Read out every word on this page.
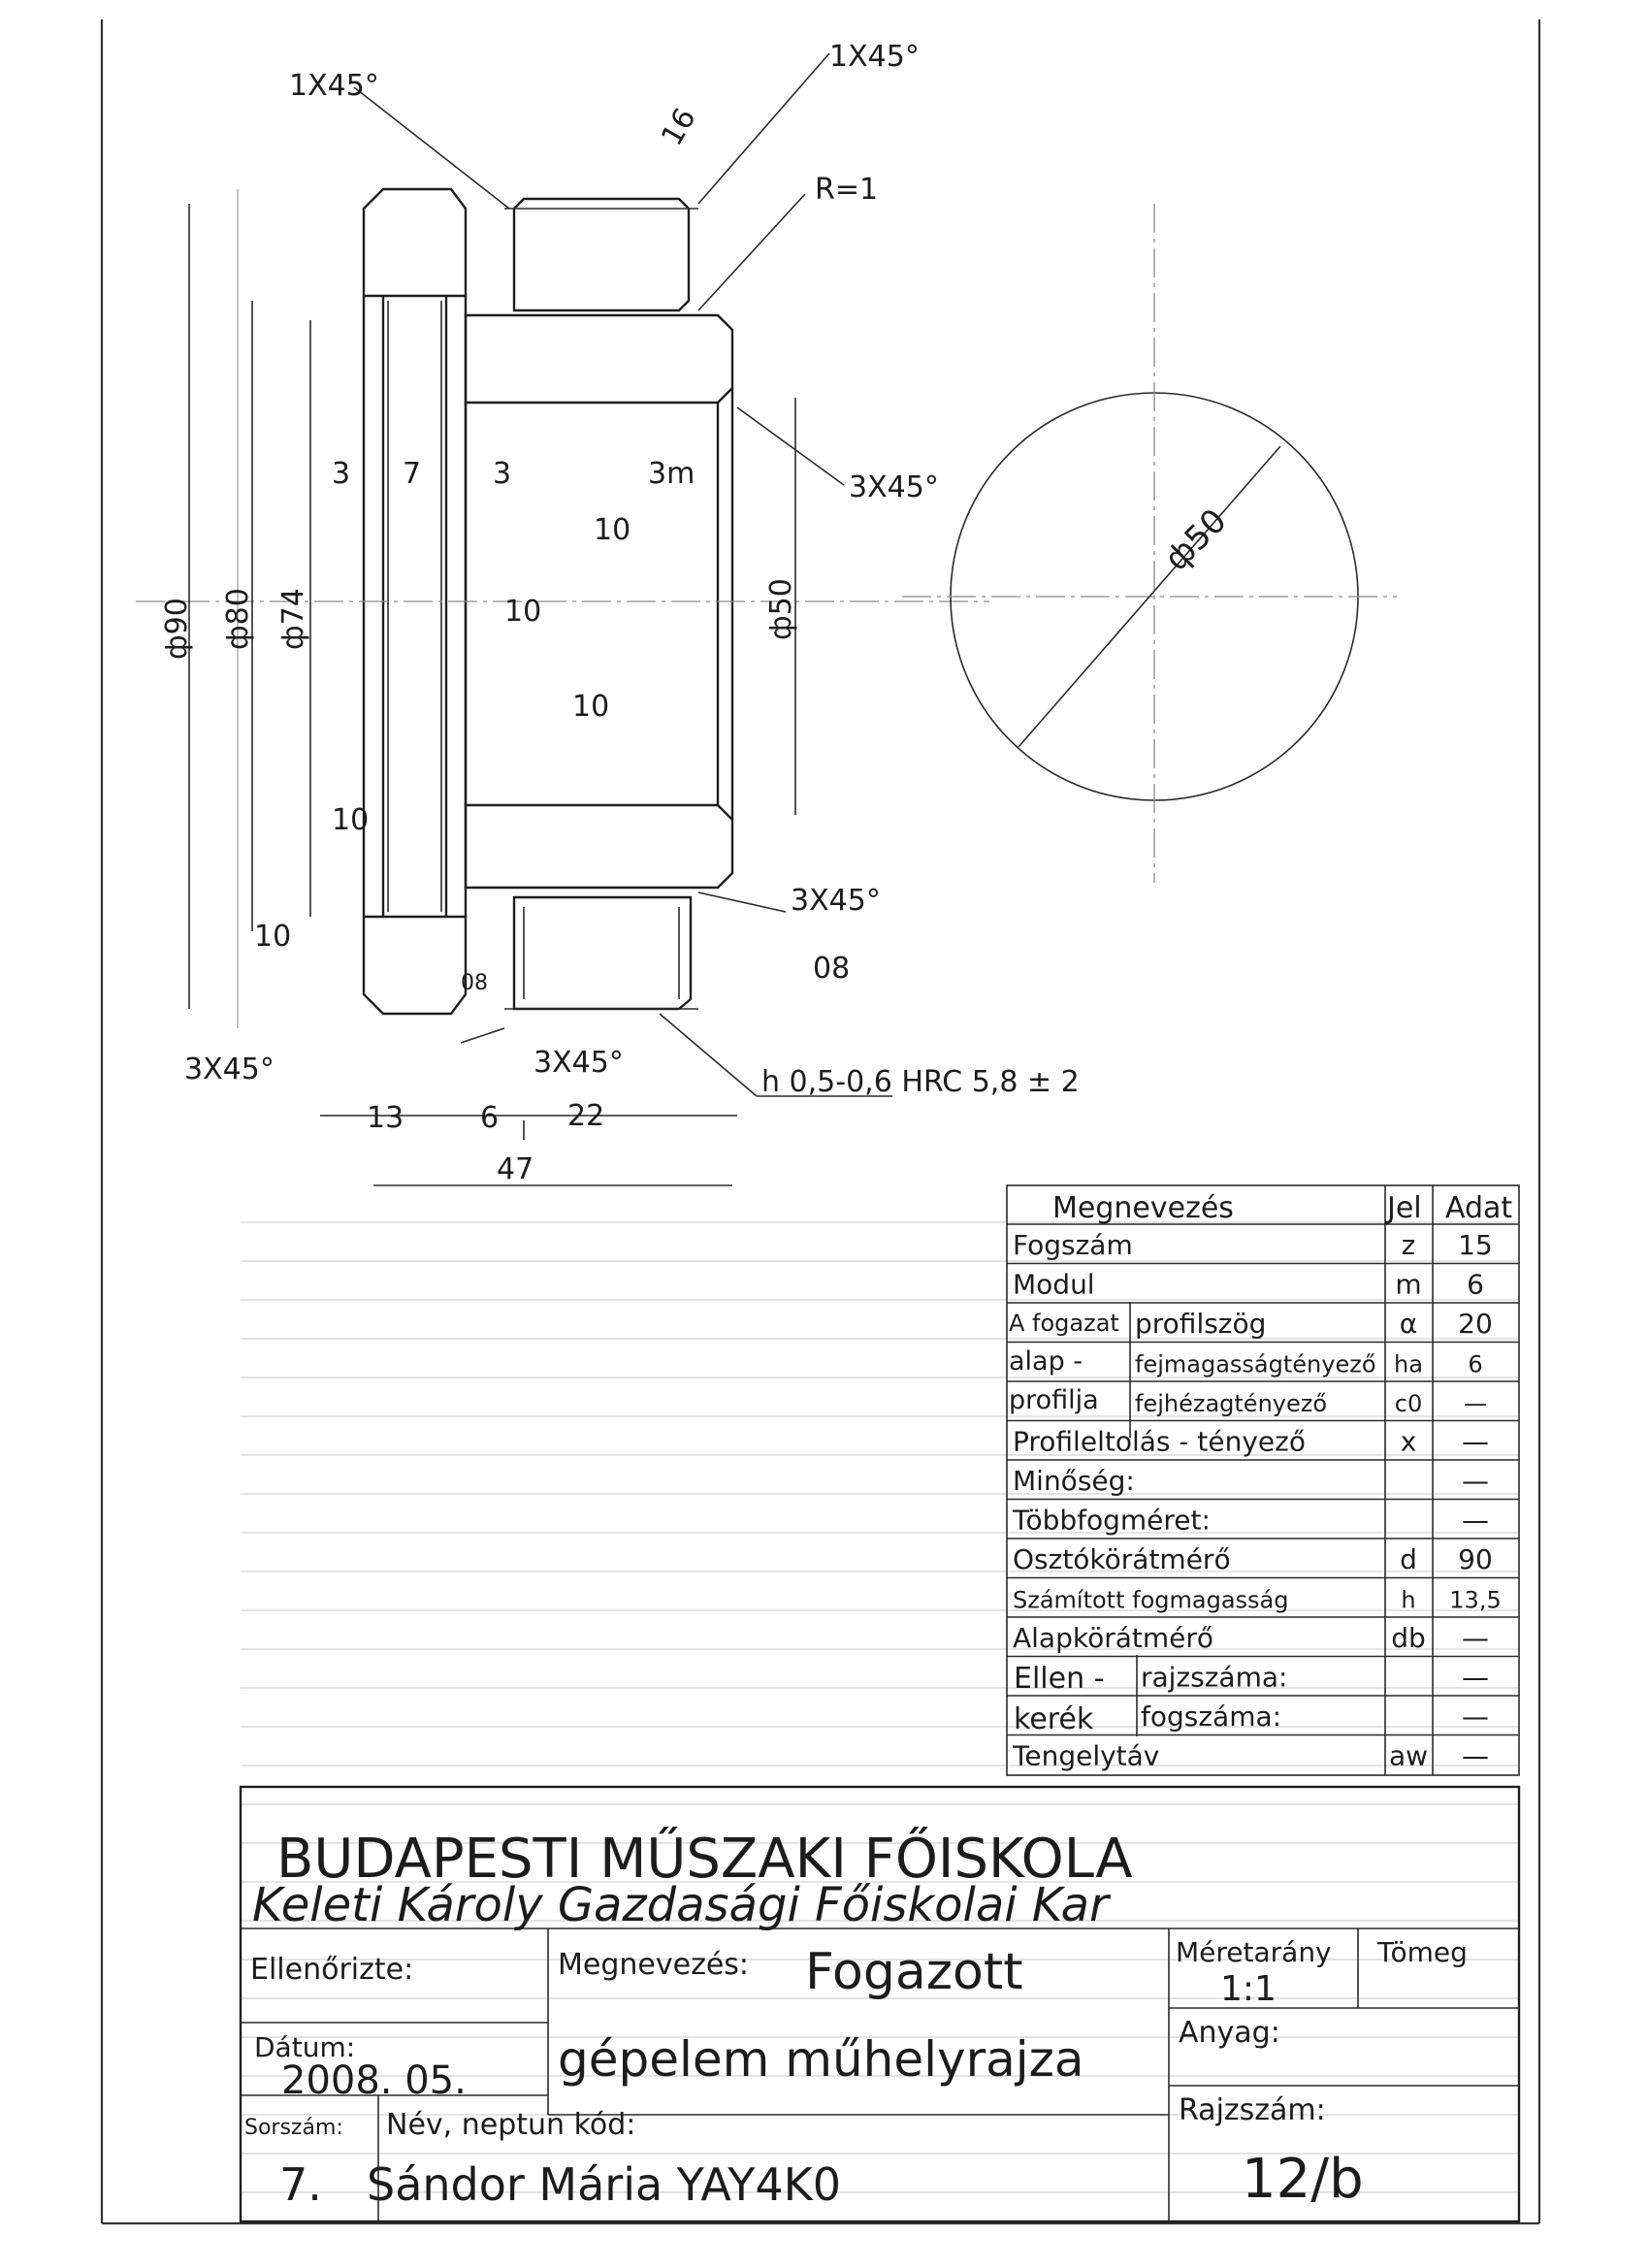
1X45°
1X45°
16
R=1
3X45°
3X45°
3X45°	3X45°
h 0,5-0,6 HRC 5,8 ± 2
ф90 ф80 ф74	ф50
ф50
3 7 3	3m
10
10
10
10
10
08
08
13	6 22
47
Megnevezés	Jel Adat
A fogazat
alap -
profilja
Ellen -
kerék
Fogszám	z 15
Modul	m 6
profilszög	α 20
fejmagasságtényező ha 6
fejhézagtényező	c0 —
Profileltolás - tényező	x —
Minőség:	—
Többfogméret:	—
Osztókörátmérő	d 90
Számított fogmagasság	h 13,5
Alapkörátmérő	db —
rajzszáma:	—
fogszáma:	—
Tengelytáv	aw —
BUDAPESTI MŰSZAKI FŐISKOLA
Keleti Károly Gazdasági Főiskolai Kar
Ellenőrizte:	Megnevezés: Fogazott
gépelem műhelyrajza
Méretarány
1:1
Tömeg
Dátum:
2008. 05.
Anyag:
Sorszám:
7.
Név, neptun kód:
Sándor Mária YAY4K0
Rajzszám:
12/b
